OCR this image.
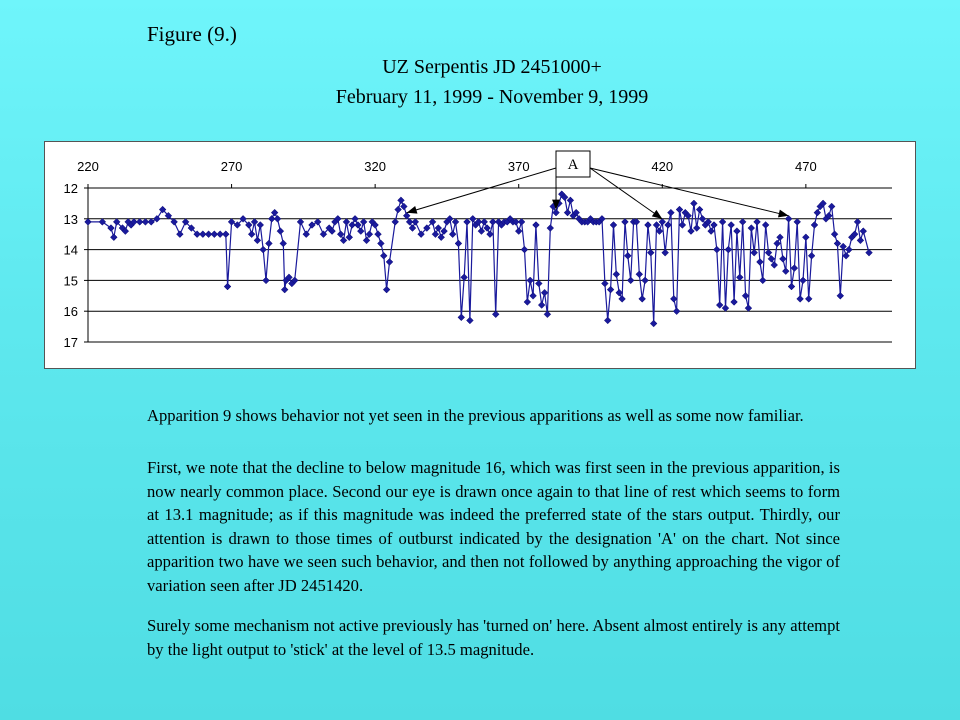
Figure (9.)
UZ Serpentis JD 2451000+
February 11, 1999 - November 9, 1999
12
13
14
15
16
17
220	270	320	370	420	470
A
Apparition 9 shows behavior not yet seen in the previous apparitions as well as some now familiar.
First, we note that the decline to below magnitude 16, which was first seen in the previous apparition, is now nearly common place. Second our eye is drawn once again to that line of rest which seems to form at 13.1 magnitude; as if this magnitude was indeed the preferred state of the stars output. Thirdly, our attention is drawn to those times of outburst indicated by the designation 'A' on the chart. Not since apparition two have we seen such behavior, and then not followed by anything approaching the vigor of variation seen after JD 2451420.
Surely some mechanism not active previously has 'turned on' here. Absent almost entirely is any attempt by the light output to 'stick' at the level of 13.5 magnitude.
